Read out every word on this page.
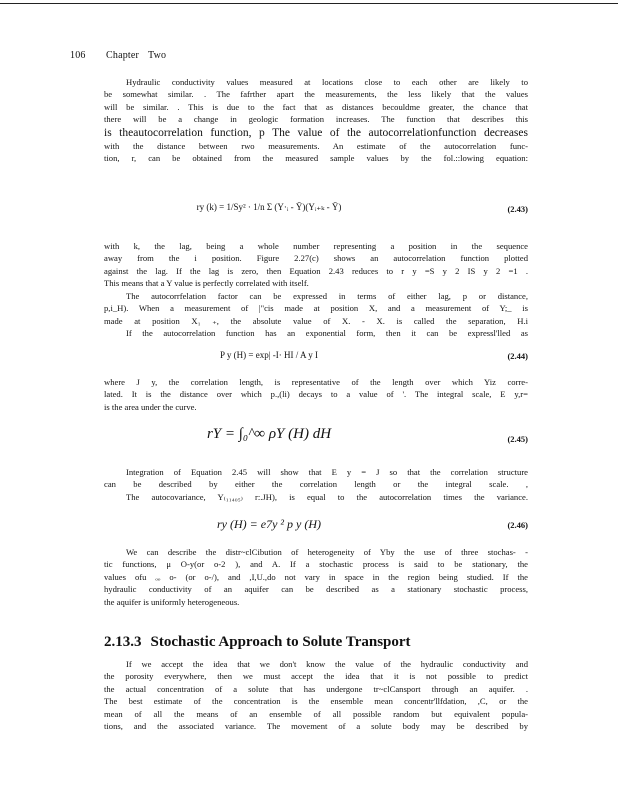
106 Chapter Two
Hydraulic conductivity values measured at locations close to each other are likely to
be somewhat similar. . The fafrther apart the measurements, the less likely that the values
will be similar. . This is due to the fact that as distances becouldme greater, the chance that
there will be a change in geologic formation increases. The function that describes this
is theautocorrelation function, p The value of the autocorrelationfunction decreases
with the distance between rwo measurements. An estimate of the autocorrelation func-
tion, r, can be obtained from the measured sample values by the fol.::lowing equation:
ry (k) = 1/Sy² · 1/n Σ (Y·ᵢ - Ȳ)(Yᵢ₊ₖ - Ȳ)	(2.43)
with k, the lag, being a whole number representing a position in the sequence
away from the i position. Figure 2.27(c) shows an autocorrelation function plotted
against the lag. If the lag is zero, then Equation 2.43 reduces to r y =S y 2 IS y 2 =1 .
This means that a Y value is perfectly correlated with itself.
The autocorrfelation factor can be expressed in terms of either lag, p or distance,
p,i_H). When a measurement of |"cis made at position X, and a measurement of Y;_ is
made at position X₁ ₊, the absolute value of X. - X. is called the separation, H.i
If the autocorrelation function has an exponential form, then it can be expressl'lled as
P y (H) = exp| -I· HI / A y I	(2.44)
where J y, the correlation length, is representative of the length over which Yiz corre-
lated. It is the distance over which p.,(li) decays to a value of '. The integral scale, E y,r=
is the area under the curve.
rY = ∫₀^∞ ρY (H) dH	(2.45)
Integration of Equation 2.45 will show that E y = J so that the correlation structure
can be described by either the correlation length or the integral scale. ,
The autocovariance, Y₍₁₁₄₀₅₎ r:.JH), is equal to the autocorrelation times the variance.
ry (H) = e7y ² p y (H)	(2.46)
We can describe the distr~clCibution of heterogeneity of Yby the use of three stochas- -
tic functions, μ O-y(or o-2 ), and A. If a stochastic process is said to be stationary, the
values ofu ₒₒ o- (or o-/), and ,I,U.,do not vary in space in the region being studied. If the
hydraulic conductivity of an aquifer can be described as a stationary stochastic process,
the aquifer is uniformly heterogeneous.
2.13.3 Stochastic Approach to Solute Transport
If we accept the idea that we don't know the value of the hydraulic conductivity and
the porosity everywhere, then we must accept the idea that it is not possible to predict
the actual concentration of a solute that has undergone tr~clCansport through an aquifer. .
The best estimate of the concentration is the ensemble mean concentr'llfdation, ,C, or the
mean of all the means of an ensemble of all possible random but equivalent popula-
tions, and the associated variance. The movement of a solute body may be described by
